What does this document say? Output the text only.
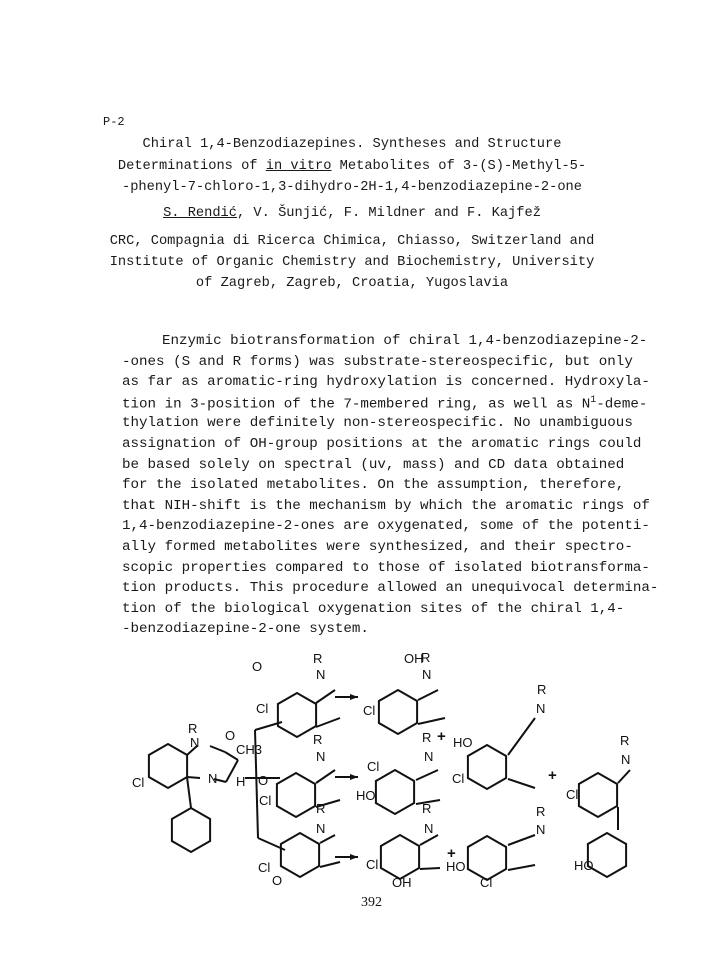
P-2
Chiral 1,4-Benzodiazepines. Syntheses and Structure
Determinations of in vitro Metabolites of 3-(S)-Methyl-5-
-phenyl-7-chloro-1,3-dihydro-2H-1,4-benzodiazepine-2-one
S. Rendić, V. Šunjić, F. Mildner and F. Kajfež
CRC, Compagnia di Ricerca Chimica, Chiasso, Switzerland and
Institute of Organic Chemistry and Biochemistry, University
of Zagreb, Zagreb, Croatia, Yugoslavia
Enzymic biotransformation of chiral 1,4-benzodiazepine-2-
-ones (S and R forms) was substrate-stereospecific, but only
as far as aromatic-ring hydroxylation is concerned. Hydroxyla-
tion in 3-position of the 7-membered ring, as well as $N^1-deme-$
thylation were definitely non-stereospecific. No unambiguous
assignation of OH-group positions at the aromatic rings could
be based solely on spectral (uv, mass) and CD data obtained
for the isolated metabolites. On the assumption, therefore,
that NIH-shift is the mechanism by which the aromatic rings of
1,4-benzodiazepine-2-ones are oxygenated, some of the potenti-
ally formed metabolites were synthesized, and their spectro-
scopic properties compared to those of isolated biotransforma-
tion products. This procedure allowed an unequivocal determina-
tion of the biological oxygenation sites of the chiral 1,4-
-benzodiazepine-2-one system.
R
N O
CH3
H
N
Cl
R
N
O
Cl
OH
R
N
Cl
+ HO
Cl
R
N
R
N
O
Cl
Cl
HO
R
N
+
R
N
Cl
HO
R
N
Cl
O
Cl
OH
R
N
+
HO
Cl
R
N
392
